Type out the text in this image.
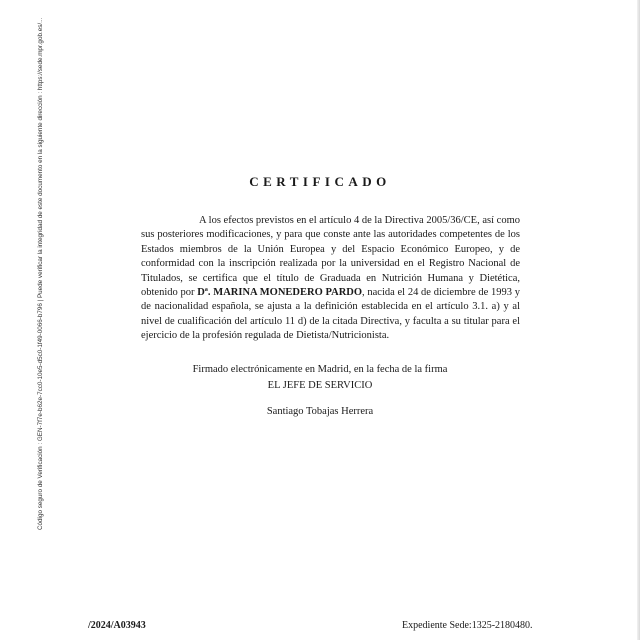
Código seguro de Verificación : GEN-7f7e-b62e-7cc0-10e5-d5c0-1f49-0066-b796 | Puede verificar la integridad de este documento en la siguiente dirección : https://sede.mpr.gob.es/...	CERTIFICADO
A los efectos previstos en el artículo 4 de la Directiva 2005/36/CE, así como sus posteriores modificaciones, y para que conste ante las autoridades competentes de los Estados miembros de la Unión Europea y del Espacio Económico Europeo, y de conformidad con la inscripción realizada por la universidad en el Registro Nacional de Titulados, se certifica que el título de Graduada en Nutrición Humana y Dietética, obtenido por Dª. MARINA MONEDERO PARDO, nacida el 24 de diciembre de 1993 y de nacionalidad española, se ajusta a la definición establecida en el artículo 3.1. a) y al nivel de cualificación del artículo 11 d) de la citada Directiva, y faculta a su titular para el ejercicio de la profesión regulada de Dietista/Nutricionista.
Firmado electrónicamente en Madrid, en la fecha de la firma
EL JEFE DE SERVICIO
Santiago Tobajas Herrera
/2024/A03943	Expediente Sede:1325-2180480.
